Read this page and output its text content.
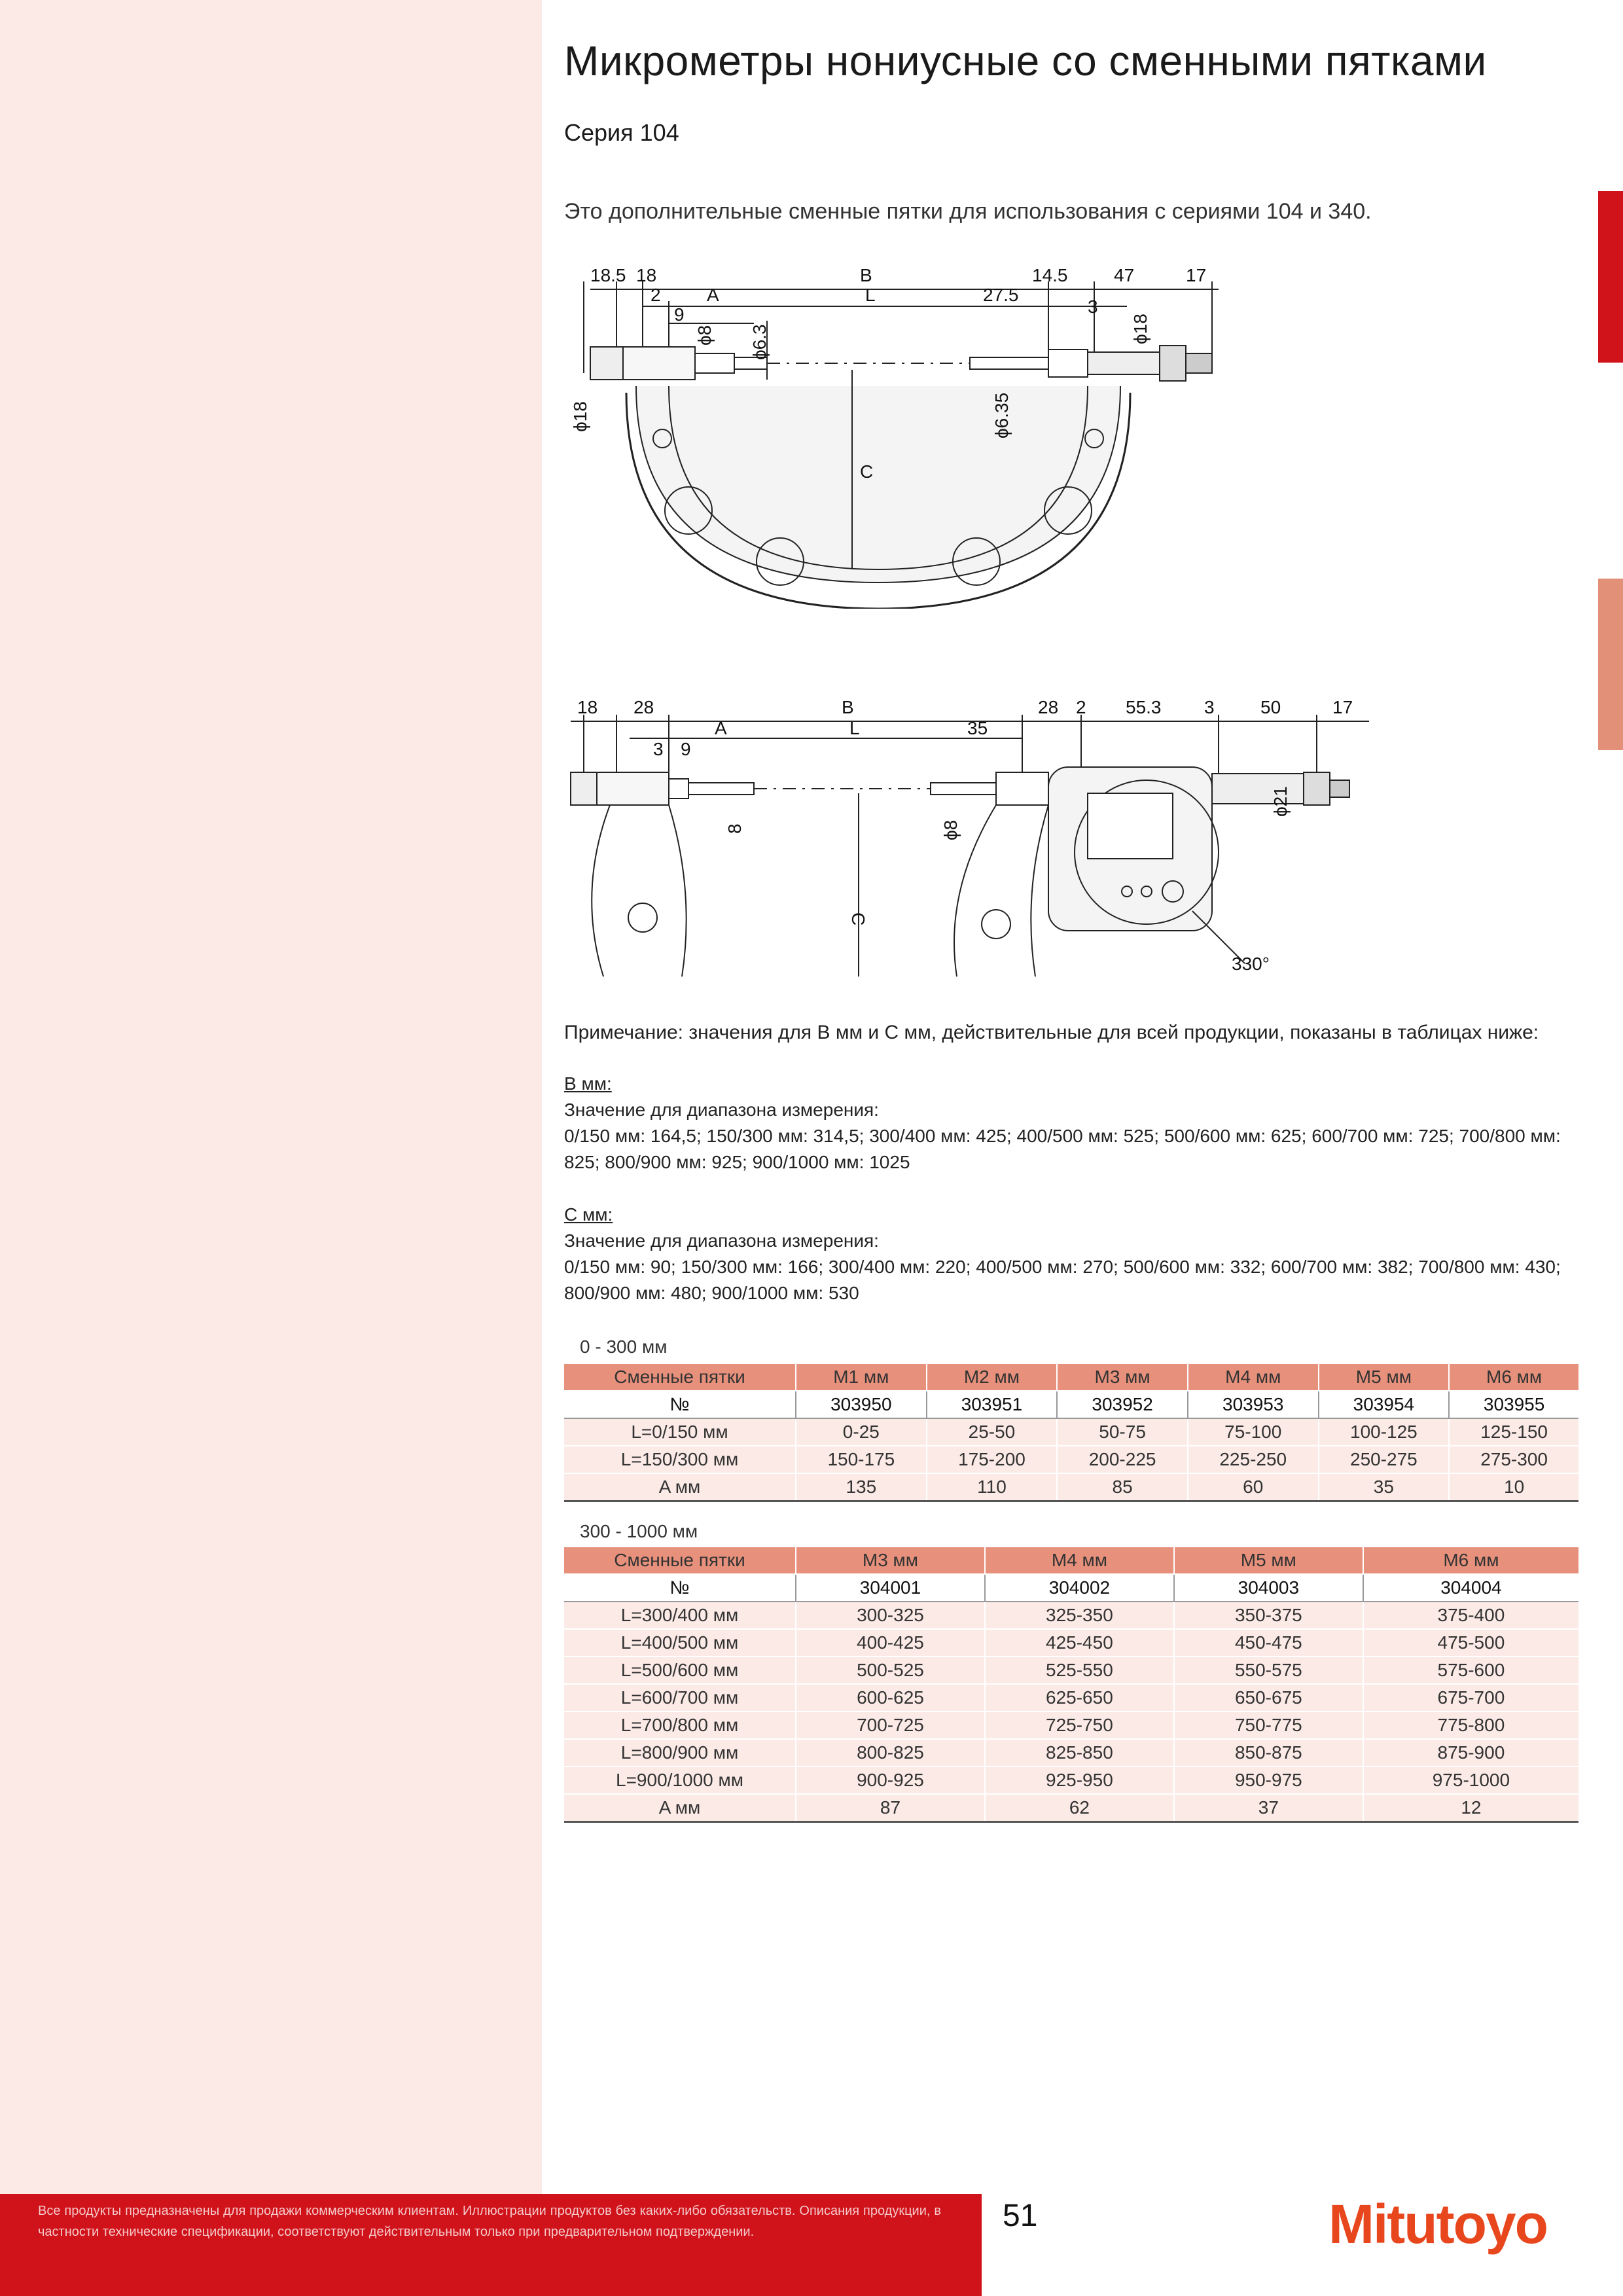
Микрометры нониусные со сменными пятками
Серия 104
Это дополнительные сменные пятки для использования с сериями 104 и 340.
18.5 18	B	14.5	47	17
2	A	L	27.5
3
9
ϕ8 ϕ6.3	ϕ18
ϕ18	ϕ6.35
C
18 28
A
B
L	35
28 2 55.3 3	50	17
3 9
8	ϕ8
ϕ21
C
330°
Примечание: значения для B мм и C мм, действительные для всей продукции, показаны в таблицах ниже:
B мм:
Значение для диапазона измерения:
0/150 мм: 164,5; 150/300 мм: 314,5; 300/400 мм: 425; 400/500 мм: 525; 500/600 мм: 625; 600/700 мм: 725; 700/800 мм: 825; 800/900 мм: 925; 900/1000 мм: 1025
C мм:
Значение для диапазона измерения:
0/150 мм: 90; 150/300 мм: 166; 300/400 мм: 220; 400/500 мм: 270; 500/600 мм: 332; 600/700 мм: 382; 700/800 мм: 430; 800/900 мм: 480; 900/1000 мм: 530
0 - 300 мм
Сменные пятки	M1 мм	M2 мм	M3 мм	M4 мм	M5 мм	M6 мм
№	303950	303951	303952	303953	303954	303955
L=0/150 мм	0-25	25-50	50-75	75-100	100-125	125-150
L=150/300 мм	150-175	175-200	200-225	225-250	250-275	275-300
A мм	135	110	85	60	35	10
300 - 1000 мм
Сменные пятки	M3 мм	M4 мм	M5 мм	M6 мм
№	304001	304002	304003	304004
L=300/400 мм	300-325	325-350	350-375	375-400
L=400/500 мм	400-425	425-450	450-475	475-500
L=500/600 мм	500-525	525-550	550-575	575-600
L=600/700 мм	600-625	625-650	650-675	675-700
L=700/800 мм	700-725	725-750	750-775	775-800
L=800/900 мм	800-825	825-850	850-875	875-900
L=900/1000 мм	900-925	925-950	950-975	975-1000
A мм	87	62	37	12
Все продукты предназначены для продажи коммерческим клиентам. Иллюстрации продуктов без каких-либо обязательств. Описания продукции, в частности технические спецификации, соответствуют действительным только при предварительном подтверждении.	51	Mitutoyo
